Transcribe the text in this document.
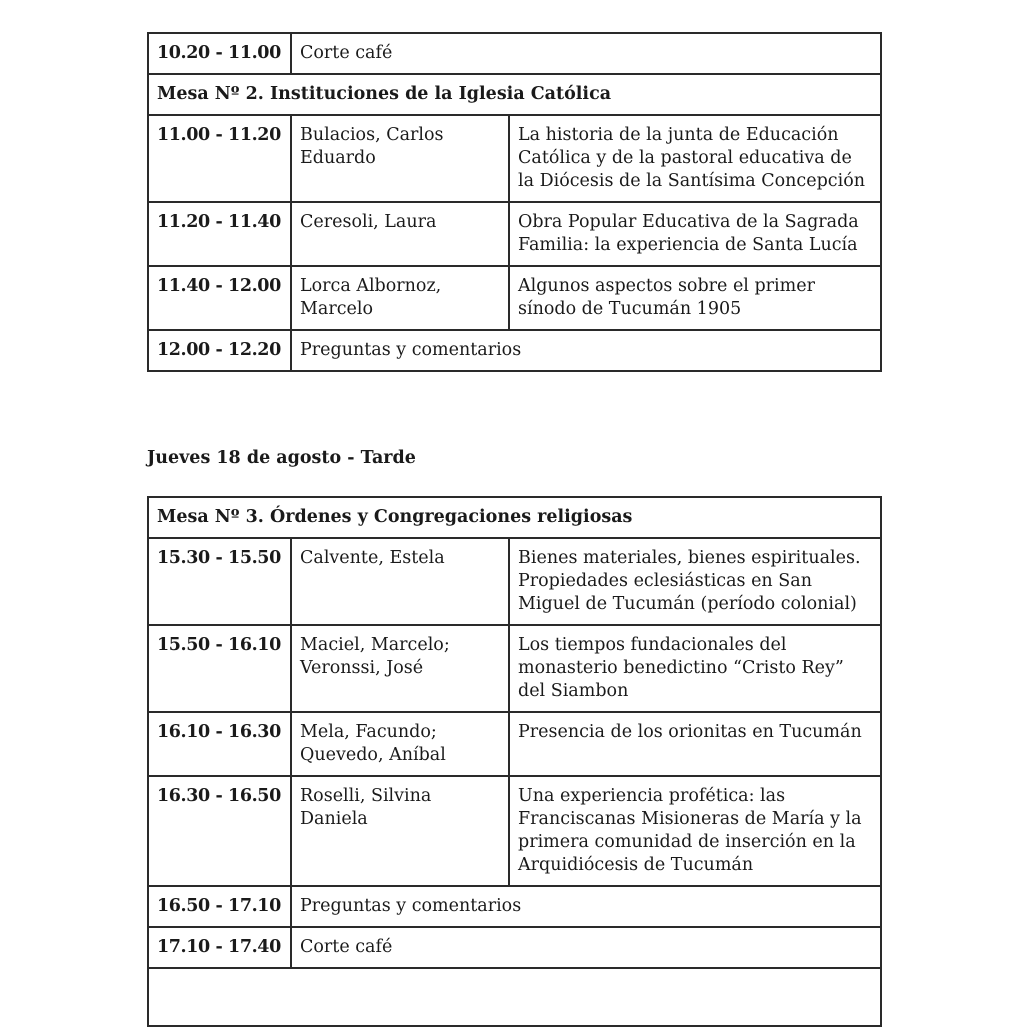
10.20 - 11.00	Corte café	
Mesa Nº 2. Instituciones de la Iglesia Católica		
11.00 - 11.20	Bulacios, Carlos Eduardo	La historia de la junta de Educación Católica y de la pastoral educativa de la Diócesis de la Santísima Concepción
11.20 - 11.40	Ceresoli, Laura	Obra Popular Educativa de la Sagrada Familia: la experiencia de Santa Lucía
11.40 - 12.00	Lorca Albornoz, Marcelo	Algunos aspectos sobre el primer sínodo de Tucumán 1905
12.00 - 12.20	Preguntas y comentarios	
Jueves 18 de agosto - Tarde
Mesa Nº 3. Órdenes y Congregaciones religiosas		
15.30 - 15.50	Calvente, Estela	Bienes materiales, bienes espirituales. Propiedades eclesiásticas en San Miguel de Tucumán (período colonial)
15.50 - 16.10	Maciel, Marcelo; Veronssi, José	Los tiempos fundacionales del monasterio benedictino “Cristo Rey” del Siambon
16.10 - 16.30	Mela, Facundo; Quevedo, Aníbal	Presencia de los orionitas en Tucumán
16.30 - 16.50	Roselli, Silvina Daniela	Una experiencia profética: las Franciscanas Misioneras de María y la primera comunidad de inserción en la Arquidiócesis de Tucumán
16.50 - 17.10	Preguntas y comentarios	
17.10 - 17.40	Corte café	
